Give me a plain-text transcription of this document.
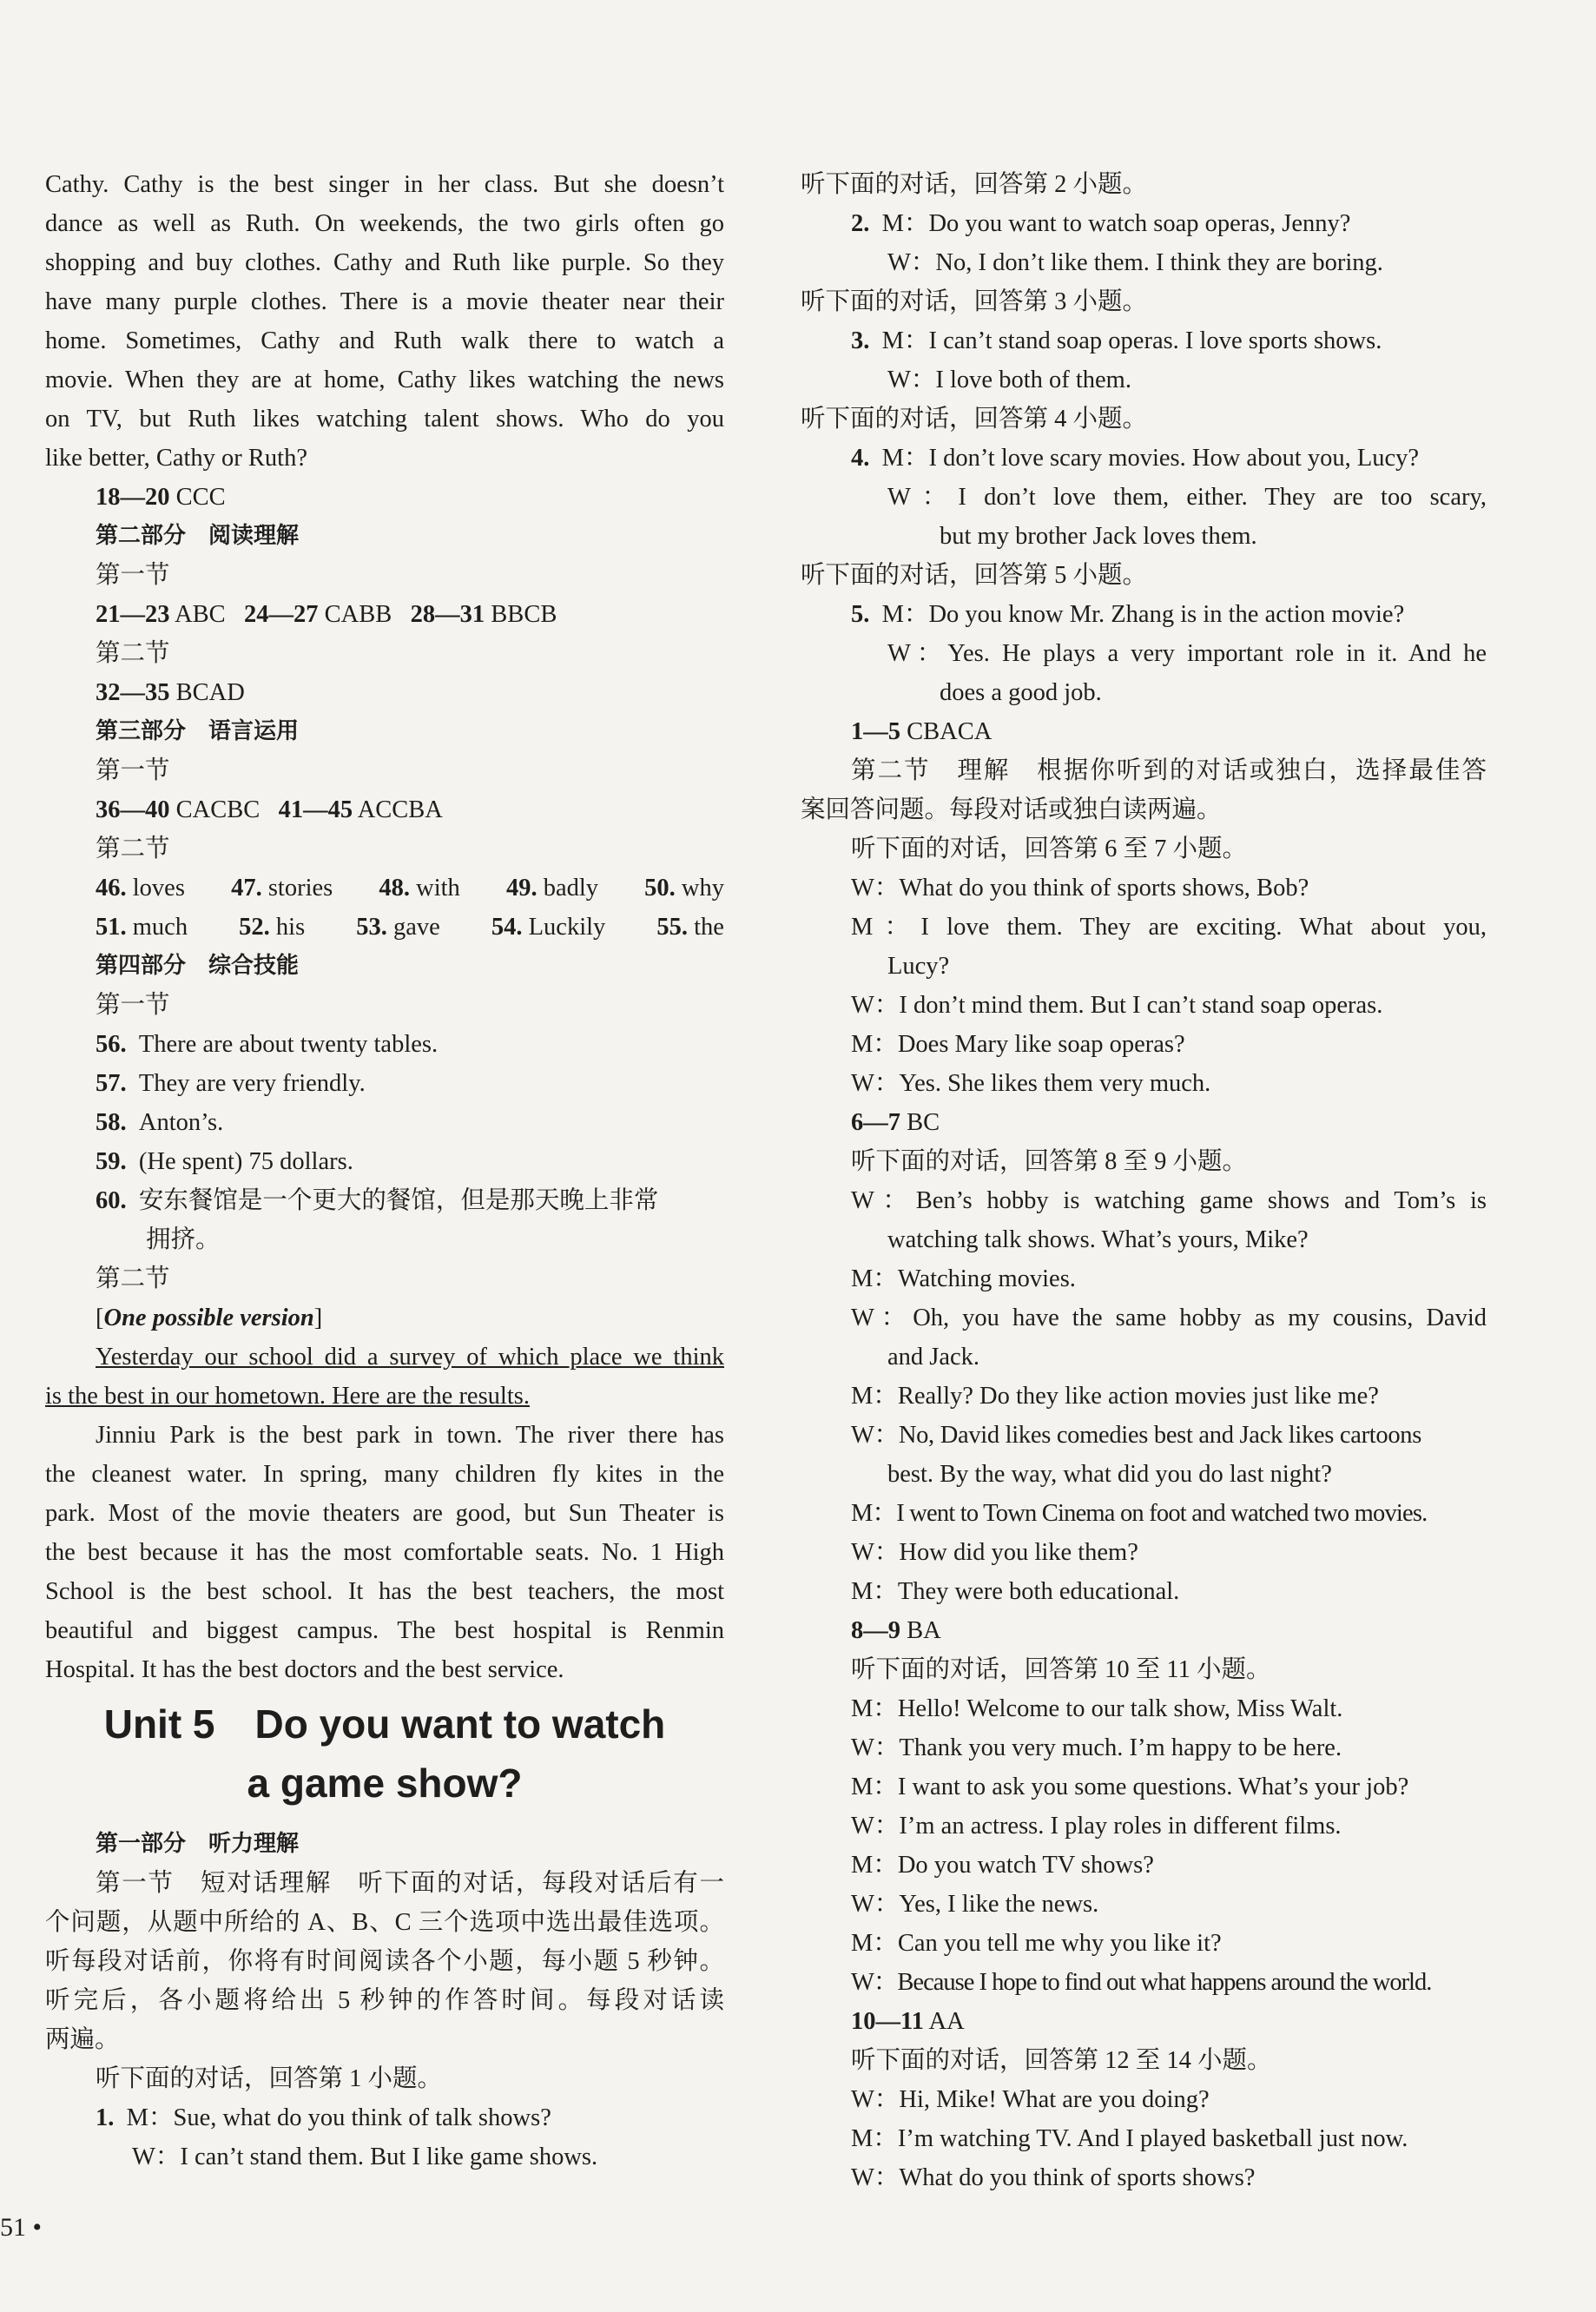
Cathy. Cathy is the best singer in her class. But she doesn’t
dance as well as Ruth. On weekends, the two girls often go
shopping and buy clothes. Cathy and Ruth like purple. So they
have many purple clothes. There is a movie theater near their
home. Sometimes, Cathy and Ruth walk there to watch a
movie. When they are at home, Cathy likes watching the news
on TV, but Ruth likes watching talent shows. Who do you
like better, Cathy or Ruth?
18—20 CCC
第二部分　阅读理解
第一节
21—23 ABC 24—27 CABB 28—31 BBCB
第二节
32—35 BCAD
第三部分　语言运用
第一节
36—40 CACBC 41—45 ACCBA
第二节
46. loves 47. stories 48. with 49. badly 50. why
51. much 52. his 53. gave 54. Luckily 55. the
第四部分　综合技能
第一节
56. There are about twenty tables.
57. They are very friendly.
58. Anton’s.
59. (He spent) 75 dollars.
60. 安东餐馆是一个更大的餐馆，但是那天晚上非常
拥挤。
第二节
[One possible version]
Yesterday our school did a survey of which place we think
is the best in our hometown. Here are the results.
Jinniu Park is the best park in town. The river there has
the cleanest water. In spring, many children fly kites in the
park. Most of the movie theaters are good, but Sun Theater is
the best because it has the most comfortable seats. No. 1 High
School is the best school. It has the best teachers, the most
beautiful and biggest campus. The best hospital is Renmin
Hospital. It has the best doctors and the best service.
Unit 5　Do you want to watch
a game show?
第一部分　听力理解
第一节　短对话理解　听下面的对话，每段对话后有一
个问题，从题中所给的 A、B、C 三个选项中选出最佳选项。
听每段对话前，你将有时间阅读各个小题，每小题 5 秒钟。
听完后，各小题将给出 5 秒钟的作答时间。每段对话读
两遍。
听下面的对话，回答第 1 小题。
1. M：Sue, what do you think of talk shows?
W：I can’t stand them. But I like game shows.
听下面的对话，回答第 2 小题。
2. M：Do you want to watch soap operas, Jenny?
W：No, I don’t like them. I think they are boring.
听下面的对话，回答第 3 小题。
3. M：I can’t stand soap operas. I love sports shows.
W：I love both of them.
听下面的对话，回答第 4 小题。
4. M：I don’t love scary movies. How about you, Lucy?
W：I don’t love them, either. They are too scary,
but my brother Jack loves them.
听下面的对话，回答第 5 小题。
5. M：Do you know Mr. Zhang is in the action movie?
W：Yes. He plays a very important role in it. And he
does a good job.
1—5 CBACA
第二节　理解　根据你听到的对话或独白，选择最佳答
案回答问题。每段对话或独白读两遍。
听下面的对话，回答第 6 至 7 小题。
W：What do you think of sports shows, Bob?
M：I love them. They are exciting. What about you,
Lucy?
W：I don’t mind them. But I can’t stand soap operas.
M：Does Mary like soap operas?
W：Yes. She likes them very much.
6—7 BC
听下面的对话，回答第 8 至 9 小题。
W：Ben’s hobby is watching game shows and Tom’s is
watching talk shows. What’s yours, Mike?
M：Watching movies.
W：Oh, you have the same hobby as my cousins, David
and Jack.
M：Really? Do they like action movies just like me?
W：No, David likes comedies best and Jack likes cartoons
best. By the way, what did you do last night?
M：I went to Town Cinema on foot and watched two movies.
W：How did you like them?
M：They were both educational.
8—9 BA
听下面的对话，回答第 10 至 11 小题。
M：Hello! Welcome to our talk show, Miss Walt.
W：Thank you very much. I’m happy to be here.
M：I want to ask you some questions. What’s your job?
W：I’m an actress. I play roles in different films.
M：Do you watch TV shows?
W：Yes, I like the news.
M：Can you tell me why you like it?
W：Because I hope to find out what happens around the world.
10—11 AA
听下面的对话，回答第 12 至 14 小题。
W：Hi, Mike! What are you doing?
M：I’m watching TV. And I played basketball just now.
W：What do you think of sports shows?
51 •
